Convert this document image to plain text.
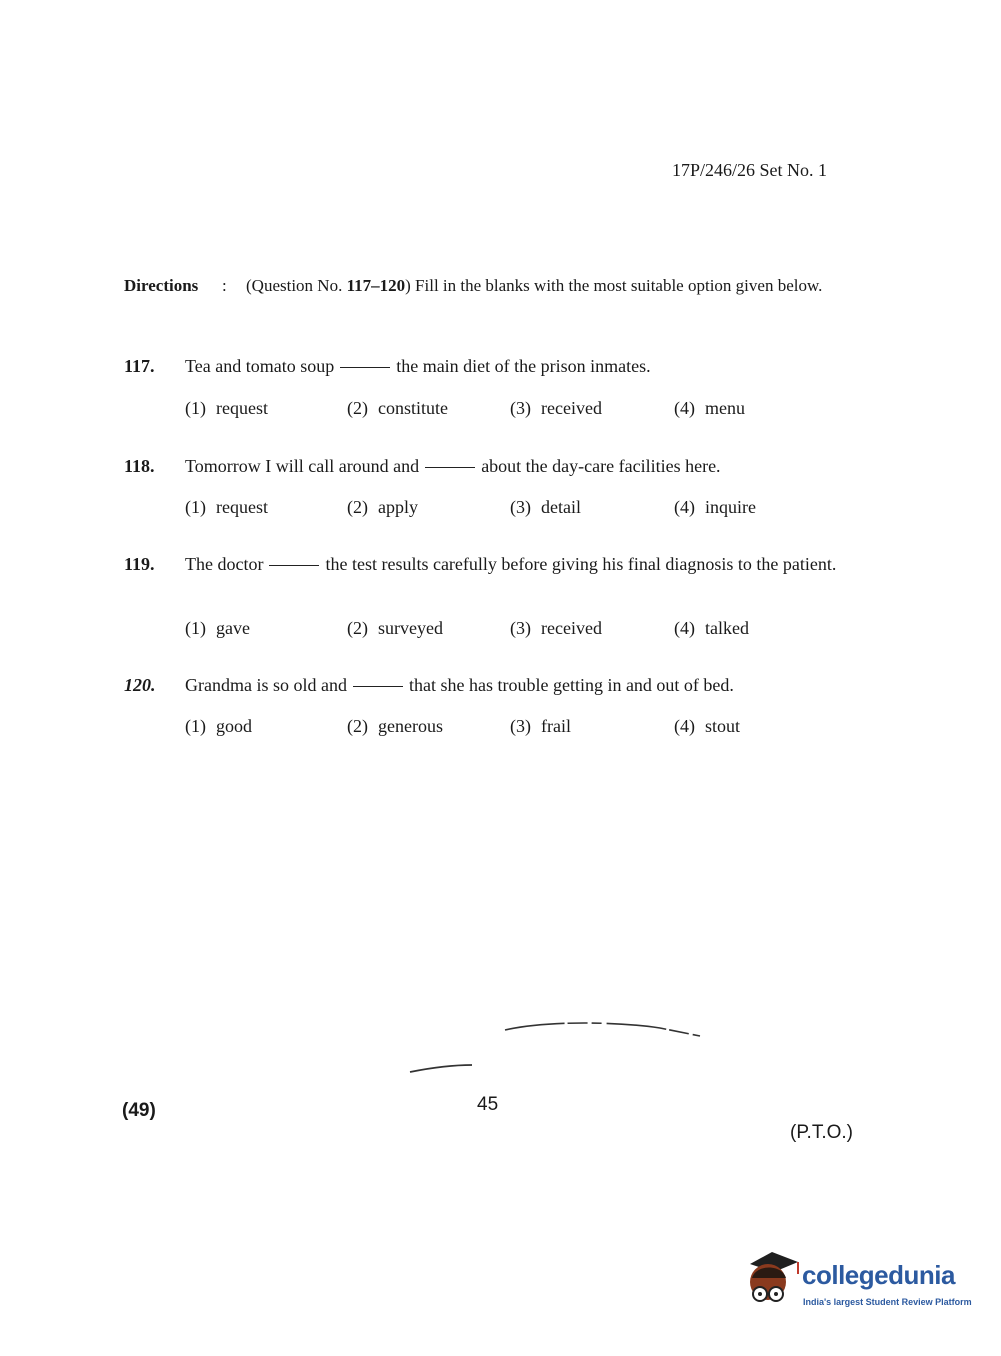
17P/246/26 Set No. 1
Directions : (Question No. 117–120) Fill in the blanks with the most suitable option given below.
117. Tea and tomato soup	the main diet of the prison inmates.
(1) request	(2) constitute	(3) received	(4) menu
118. Tomorrow I will call around and	about the day-care facilities here.
(1) request	(2) apply	(3) detail	(4) inquire
119. The doctor	the test results carefully before giving his final diagnosis to the patient.
(1) gave	(2) surveyed	(3) received	(4) talked
120. Grandma is so old and	that she has trouble getting in and out of bed.
(1) good	(2) generous	(3) frail	(4) stout
(49)	45
(P.T.O.)
collegedunia
India's largest Student Review Platform
